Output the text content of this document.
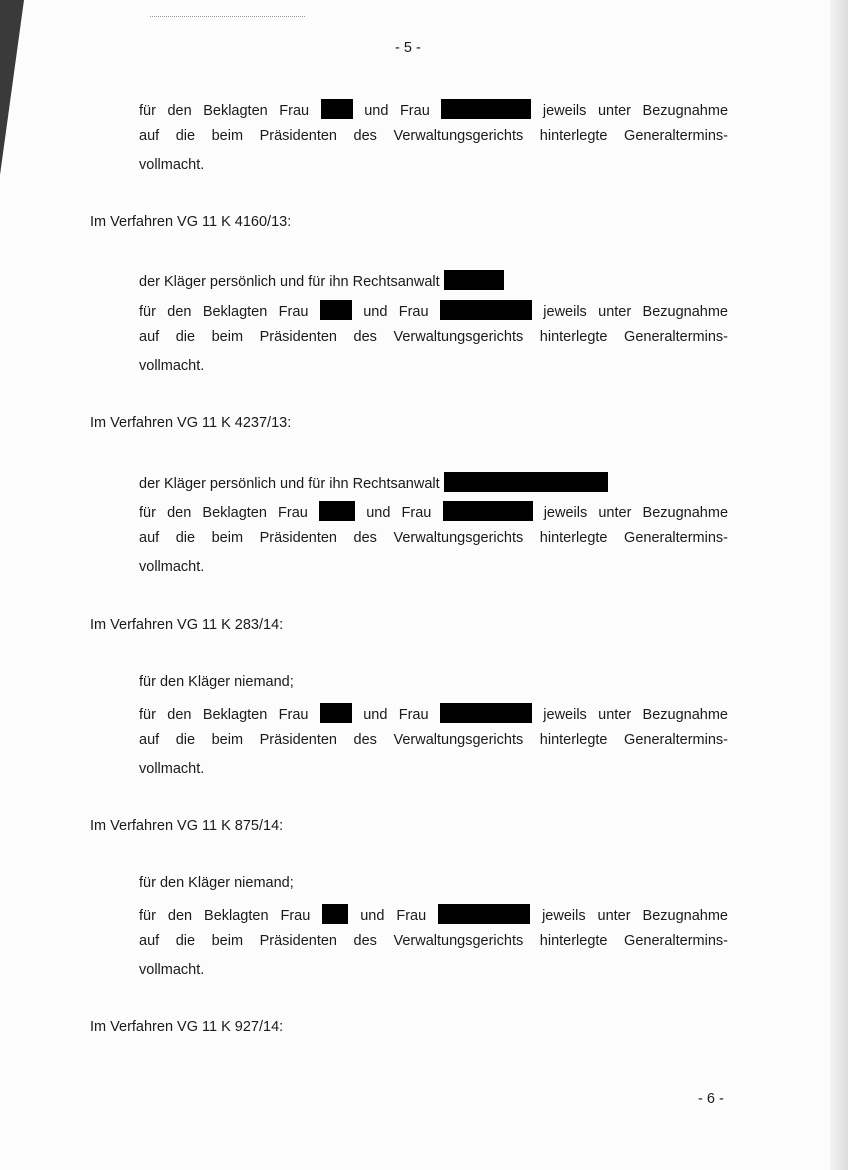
- 5 -
für den Beklagten Frau	und Frau	jeweils unter Bezugnahme
auf die beim Präsidenten des Verwaltungsgerichts hinterlegte Generaltermins-
vollmacht.
Im Verfahren VG 11 K 4160/13:
der Kläger persönlich und für ihn Rechtsanwalt
für den Beklagten Frau	und Frau	jeweils unter Bezugnahme
auf die beim Präsidenten des Verwaltungsgerichts hinterlegte Generaltermins-
vollmacht.
Im Verfahren VG 11 K 4237/13:
der Kläger persönlich und für ihn Rechtsanwalt
für den Beklagten Frau	und Frau	jeweils unter Bezugnahme
auf die beim Präsidenten des Verwaltungsgerichts hinterlegte Generaltermins-
vollmacht.
Im Verfahren VG 11 K 283/14:
für den Kläger niemand;
für den Beklagten Frau	und Frau	jeweils unter Bezugnahme
auf die beim Präsidenten des Verwaltungsgerichts hinterlegte Generaltermins-
vollmacht.
Im Verfahren VG 11 K 875/14:
für den Kläger niemand;
für den Beklagten Frau	und Frau	jeweils unter Bezugnahme
auf die beim Präsidenten des Verwaltungsgerichts hinterlegte Generaltermins-
vollmacht.
Im Verfahren VG 11 K 927/14:
- 6 -
